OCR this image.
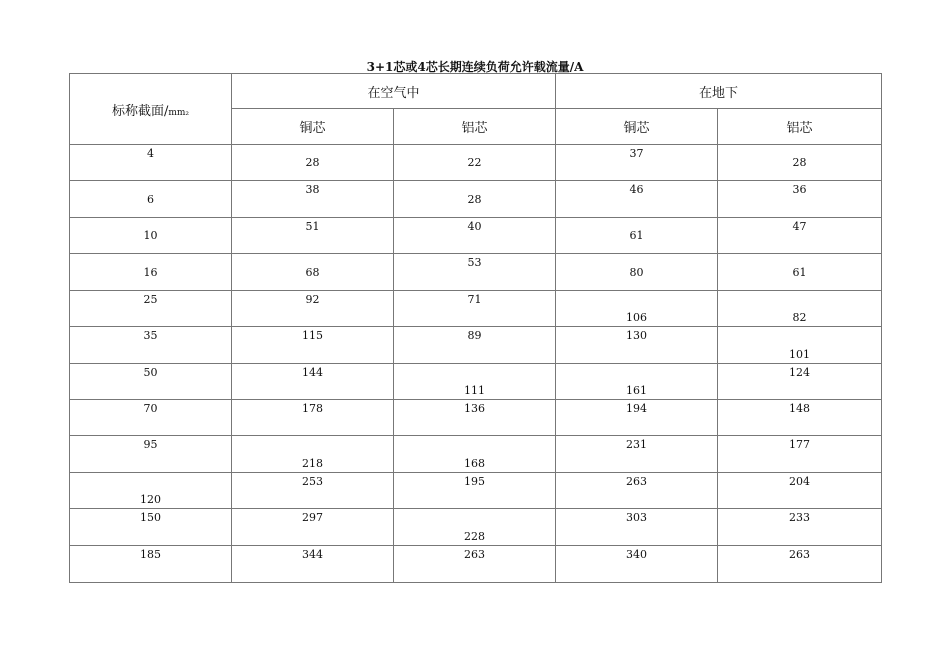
3+1芯或4芯长期连续负荷允许载流量/A
标称截面/mm₂	在空气中		在地下	
	铜芯	铝芯	铜芯	铝芯

4	28	22	37	28
6	38	28	46	36

10	51	40	61	47

16	68	53	80	61

25	92	71	106	82

35	115	89	130	101

50	144	111	161	124

70	178	136	194	148

95	218	168	231	177

120	253	195	263	204

150	297	228	303	233

185	344	263	340	263
